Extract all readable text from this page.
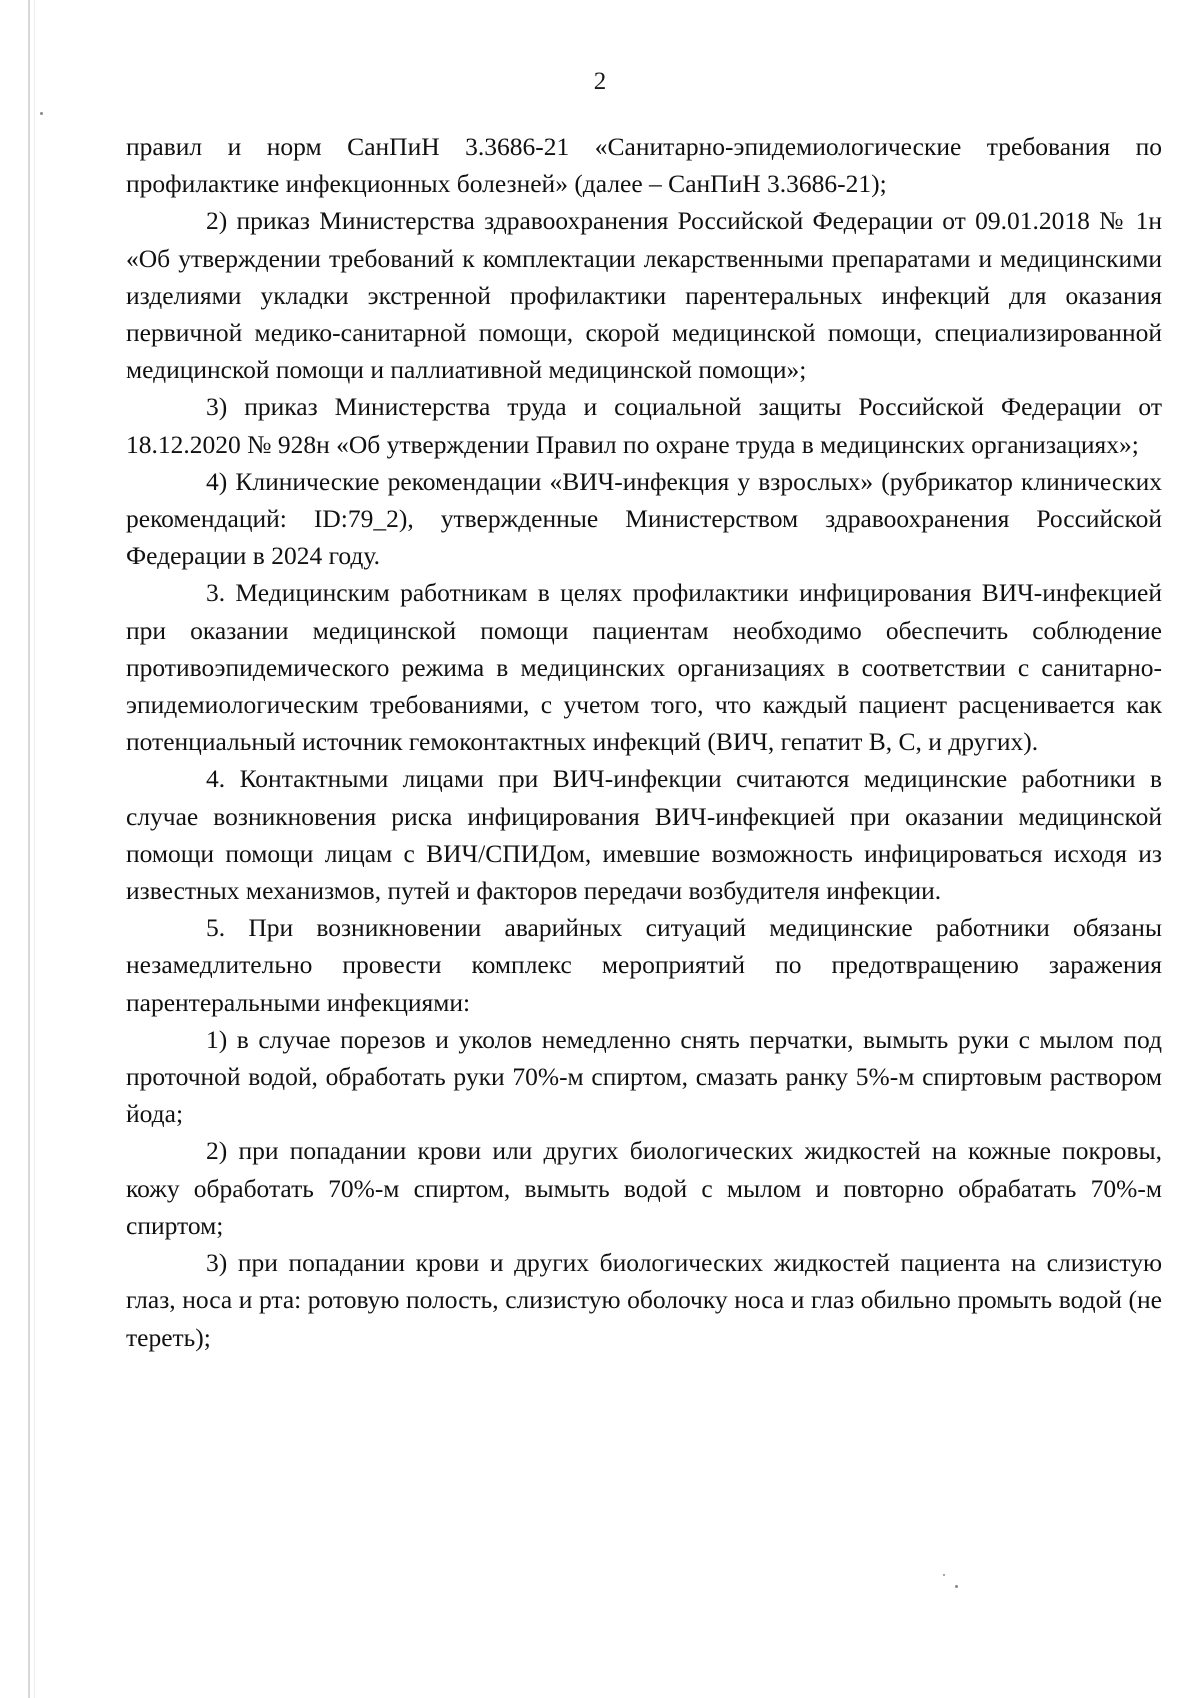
2

правил и норм СанПиН 3.3686-21 «Санитарно-эпидемиологические требования по профилактике инфекционных болезней» (далее – СанПиН 3.3686-21);

2) приказ Министерства здравоохранения Российской Федерации от 09.01.2018 № 1н «Об утверждении требований к комплектации лекарственными препаратами и медицинскими изделиями укладки экстренной профилактики парентеральных инфекций для оказания первичной медико-санитарной помощи, скорой медицинской помощи, специализированной медицинской помощи и паллиативной медицинской помощи»;

3) приказ Министерства труда и социальной защиты Российской Федерации от 18.12.2020 № 928н «Об утверждении Правил по охране труда в медицинских организациях»;

4) Клинические рекомендации «ВИЧ-инфекция у взрослых» (рубрикатор клинических рекомендаций: ID:79_2), утвержденные Министерством здравоохранения Российской Федерации в 2024 году.

3. Медицинским работникам в целях профилактики инфицирования ВИЧ-инфекцией при оказании медицинской помощи пациентам необходимо обеспечить соблюдение противоэпидемического режима в медицинских организациях в соответствии с санитарно-эпидемиологическим требованиями, с учетом того, что каждый пациент расценивается как потенциальный источник гемоконтактных инфекций (ВИЧ, гепатит В, С, и других).

4. Контактными лицами при ВИЧ-инфекции считаются медицинские работники в случае возникновения риска инфицирования ВИЧ-инфекцией при оказании медицинской помощи помощи лицам с ВИЧ/СПИДом, имевшие возможность инфицироваться исходя из известных механизмов, путей и факторов передачи возбудителя инфекции.

5. При возникновении аварийных ситуаций медицинские работники обязаны незамедлительно провести комплекс мероприятий по предотвращению заражения парентеральными инфекциями:

1) в случае порезов и уколов немедленно снять перчатки, вымыть руки с мылом под проточной водой, обработать руки 70%-м спиртом, смазать ранку 5%-м спиртовым раствором йода;

2) при попадании крови или других биологических жидкостей на кожные покровы, кожу обработать 70%-м спиртом, вымыть водой с мылом и повторно обрабатать 70%-м спиртом;

3) при попадании крови и других биологических жидкостей пациента на слизистую глаз, носа и рта: ротовую полость, слизистую оболочку носа и глаз обильно промыть водой (не тереть);
